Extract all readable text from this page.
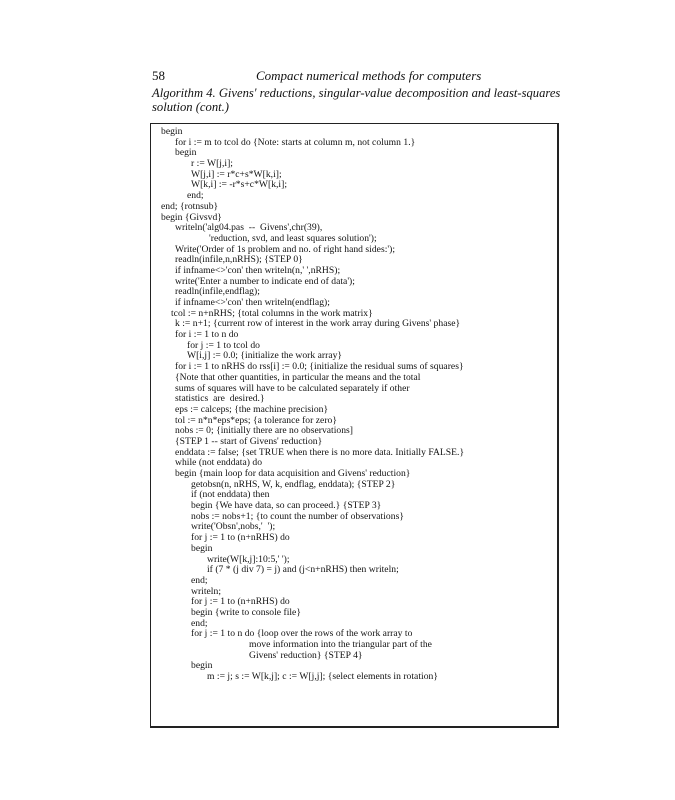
58	Compact numerical methods for computers
Algorithm 4. Givens' reductions, singular-value decomposition and least-squares solution (cont.)
begin
for i := m to tcol do {Note: starts at column m, not column 1.}
begin
r := W[j,i];
W[j,i] := r*c+s*W[k,i];
W[k,i] := -r*s+c*W[k,i];
end;
end; {rotnsub}
begin {Givsvd}
writeln('alg04.pas  --  Givens',chr(39),
'reduction, svd, and least squares solution');
Write('Order of 1s problem and no. of right hand sides:');
readln(infile,n,nRHS); {STEP 0}
if infname<>'con' then writeln(n,' ',nRHS);
write('Enter a number to indicate end of data');
readln(infile,endflag);
if infname<>'con' then writeln(endflag);
tcol := n+nRHS; {total columns in the work matrix}
k := n+1; {current row of interest in the work array during Givens' phase}
for i := 1 to n do
for j := 1 to tcol do
W[i,j] := 0.0; {initialize the work array}
for i := 1 to nRHS do rss[i] := 0.0; {initialize the residual sums of squares}
{Note that other quantities, in particular the means and the total
sums of squares will have to be calculated separately if other
statistics  are  desired.}
eps := calceps; {the machine precision}
tol := n*n*eps*eps; {a tolerance for zero}
nobs := 0; {initially there are no observations]
{STEP 1 -- start of Givens' reduction}
enddata := false; {set TRUE when there is no more data. Initially FALSE.}
while (not enddata) do
begin {main loop for data acquisition and Givens' reduction}
getobsn(n, nRHS, W, k, endflag, enddata); {STEP 2}
if (not enddata) then
begin {We have data, so can proceed.} {STEP 3}
nobs := nobs+1; {to count the number of observations}
write('Obsn',nobs,'  ');
for j := 1 to (n+nRHS) do
begin
write(W[k,j]:10:5,' ');
if (7 * (j div 7) = j) and (j<n+nRHS) then writeln;
end;
writeln;
for j := 1 to (n+nRHS) do
begin {write to console file}
end;
for j := 1 to n do {loop over the rows of the work array to
move information into the triangular part of the
Givens' reduction} {STEP 4}
begin
m := j; s := W[k,j]; c := W[j,j]; {select elements in rotation}
